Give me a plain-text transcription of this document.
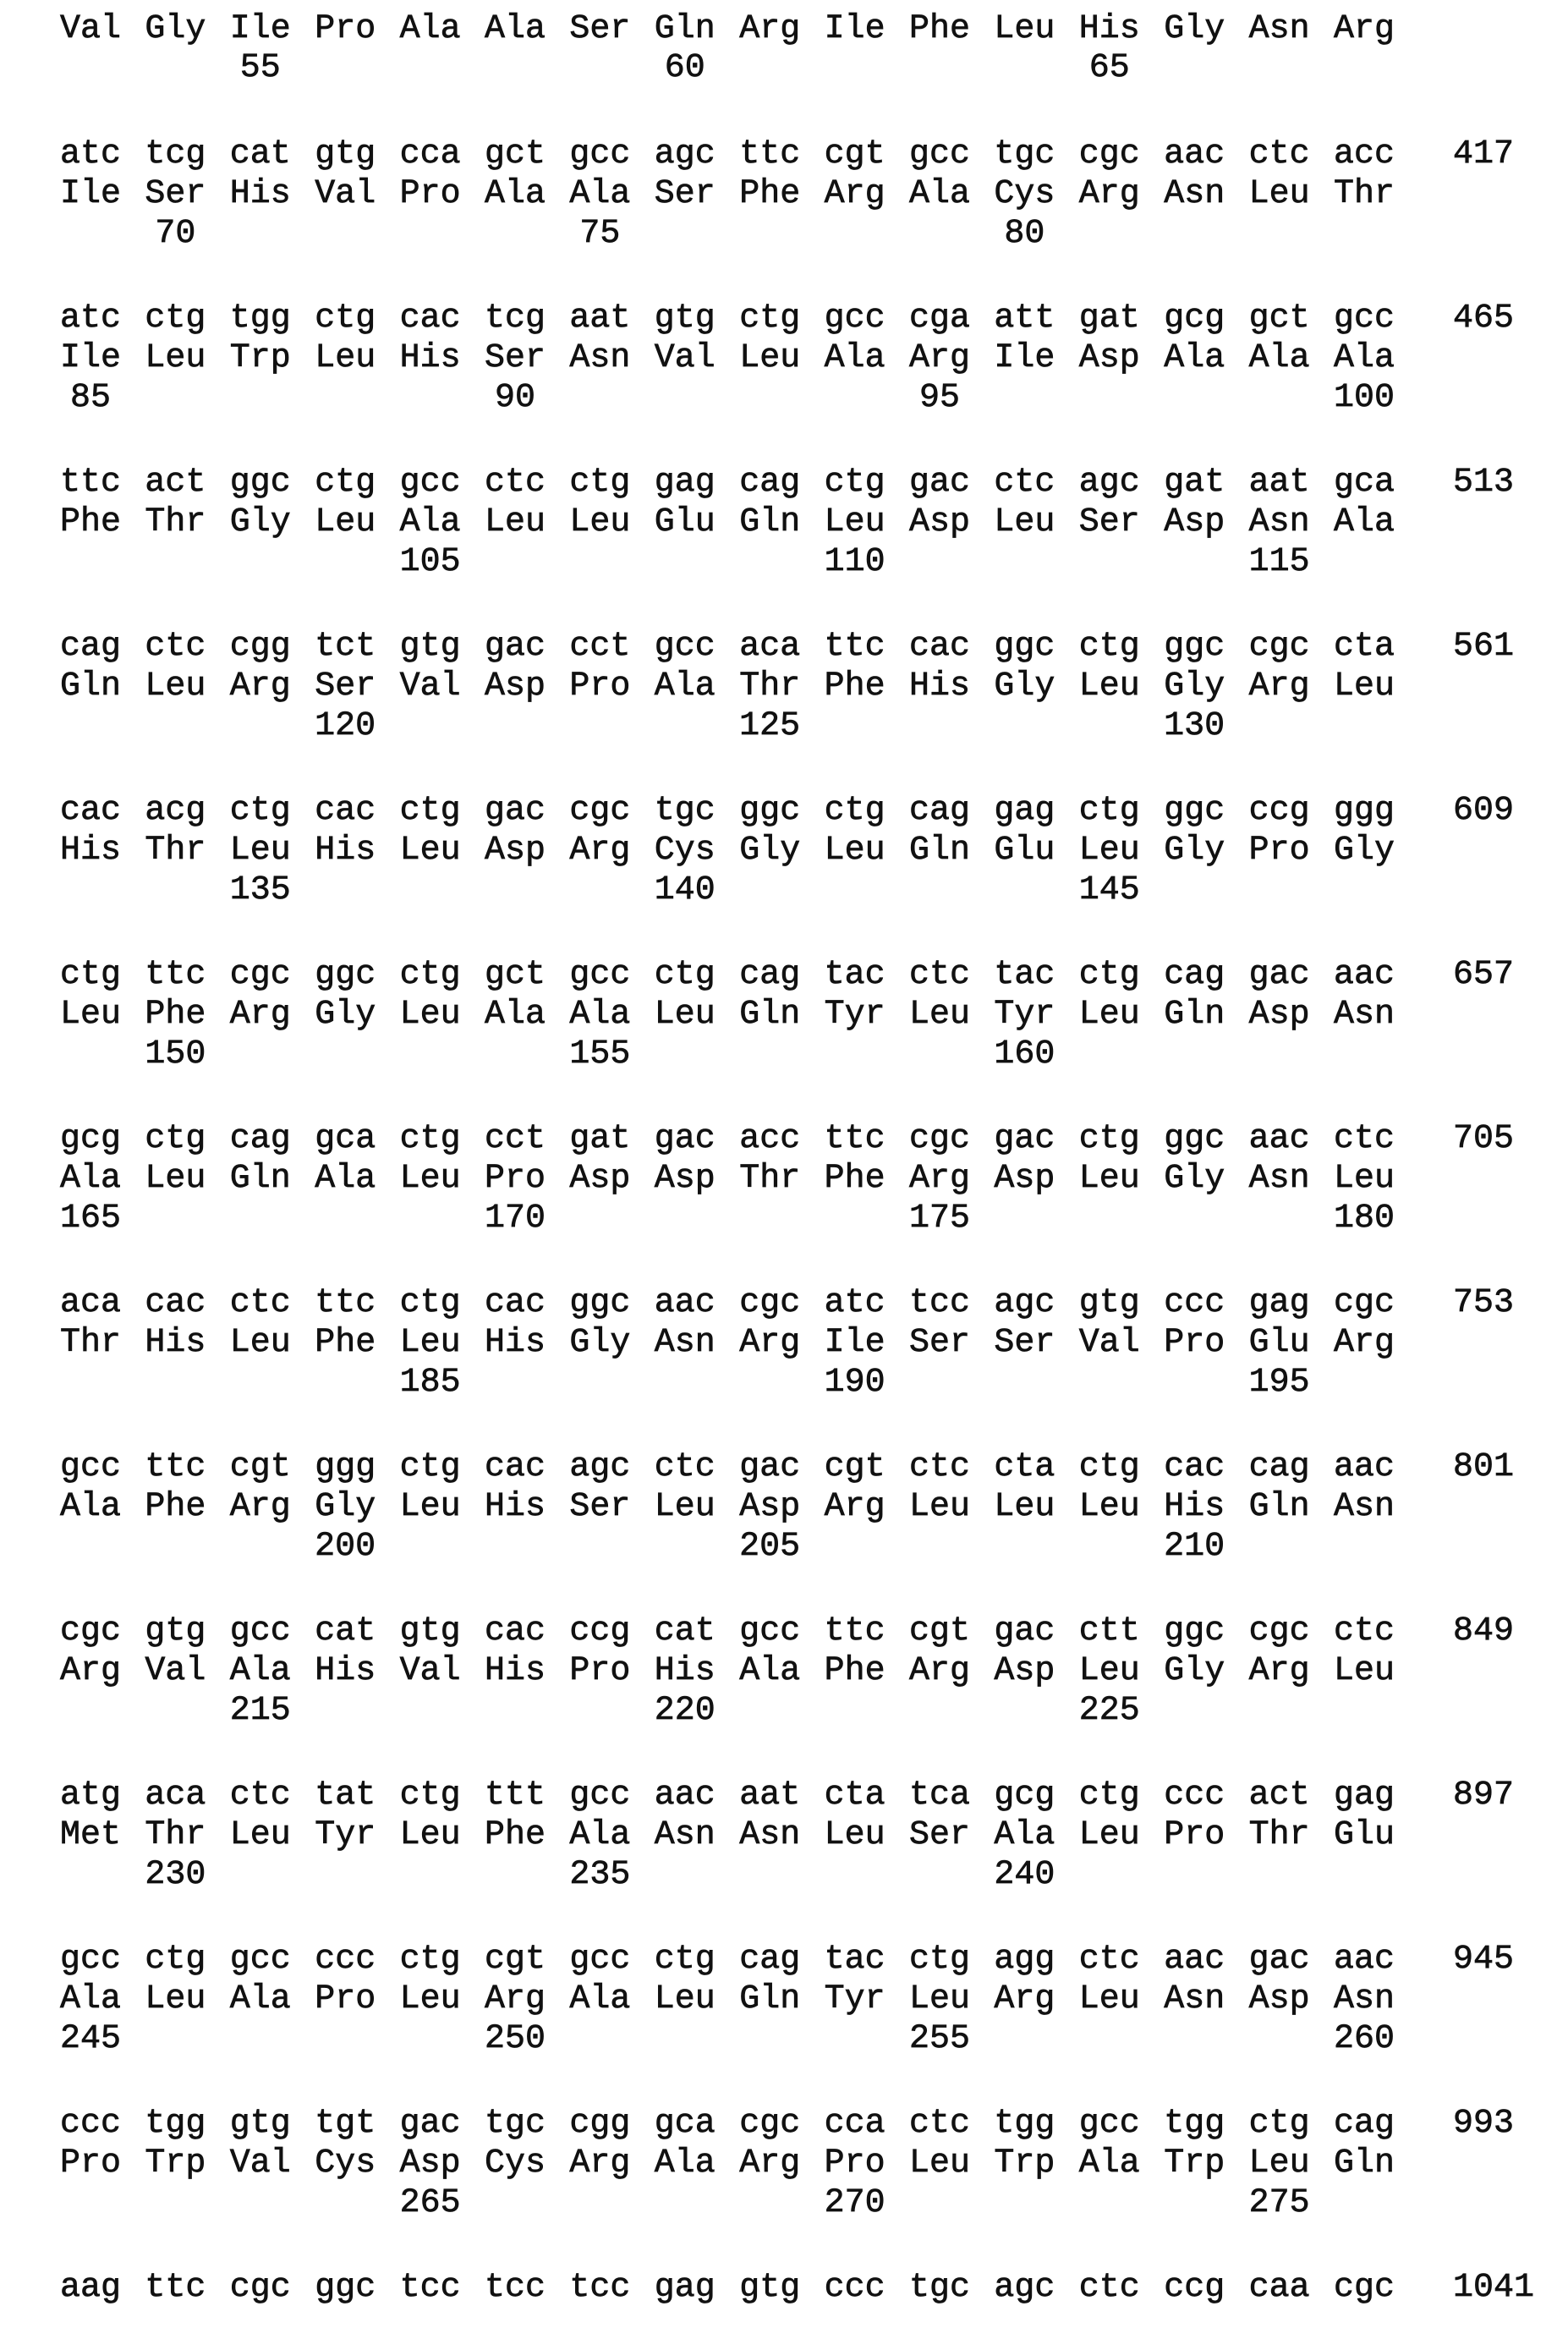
Val Gly Ile Pro Ala Ala Ser Gln Arg Ile Phe Leu His Gly Asn Arg
55	60	65
atc tcg cat gtg cca gct gcc agc ttc cgt gcc tgc cgc aac ctc acc 417
Ile Ser His Val Pro Ala Ala Ser Phe Arg Ala Cys Arg Asn Leu Thr
70	75	80
atc ctg tgg ctg cac tcg aat gtg ctg gcc cga att gat gcg gct gcc 465
Ile Leu Trp Leu His Ser Asn Val Leu Ala Arg Ile Asp Ala Ala Ala
85	90	95	100
ttc act ggc ctg gcc ctc ctg gag cag ctg gac ctc agc gat aat gca 513
Phe Thr Gly Leu Ala Leu Leu Glu Gln Leu Asp Leu Ser Asp Asn Ala
105	110	115
cag ctc cgg tct gtg gac cct gcc aca ttc cac ggc ctg ggc cgc cta 561
Gln Leu Arg Ser Val Asp Pro Ala Thr Phe His Gly Leu Gly Arg Leu
120	125	130
cac acg ctg cac ctg gac cgc tgc ggc ctg cag gag ctg ggc ccg ggg 609
His Thr Leu His Leu Asp Arg Cys Gly Leu Gln Glu Leu Gly Pro Gly
135	140	145
ctg ttc cgc ggc ctg gct gcc ctg cag tac ctc tac ctg cag gac aac 657
Leu Phe Arg Gly Leu Ala Ala Leu Gln Tyr Leu Tyr Leu Gln Asp Asn
150	155	160
gcg ctg cag gca ctg cct gat gac acc ttc cgc gac ctg ggc aac ctc 705
Ala Leu Gln Ala Leu Pro Asp Asp Thr Phe Arg Asp Leu Gly Asn Leu
165	170	175	180
aca cac ctc ttc ctg cac ggc aac cgc atc tcc agc gtg ccc gag cgc 753
Thr His Leu Phe Leu His Gly Asn Arg Ile Ser Ser Val Pro Glu Arg
185	190	195
gcc ttc cgt ggg ctg cac agc ctc gac cgt ctc cta ctg cac cag aac 801
Ala Phe Arg Gly Leu His Ser Leu Asp Arg Leu Leu Leu His Gln Asn
200	205	210
cgc gtg gcc cat gtg cac ccg cat gcc ttc cgt gac ctt ggc cgc ctc 849
Arg Val Ala His Val His Pro His Ala Phe Arg Asp Leu Gly Arg Leu
215	220	225
atg aca ctc tat ctg ttt gcc aac aat cta tca gcg ctg ccc act gag 897
Met Thr Leu Tyr Leu Phe Ala Asn Asn Leu Ser Ala Leu Pro Thr Glu
230	235	240
gcc ctg gcc ccc ctg cgt gcc ctg cag tac ctg agg ctc aac gac aac 945
Ala Leu Ala Pro Leu Arg Ala Leu Gln Tyr Leu Arg Leu Asn Asp Asn
245	250	255	260
ccc tgg gtg tgt gac tgc cgg gca cgc cca ctc tgg gcc tgg ctg cag 993
Pro Trp Val Cys Asp Cys Arg Ala Arg Pro Leu Trp Ala Trp Leu Gln
265	270	275
aag ttc cgc ggc tcc tcc tcc gag gtg ccc tgc agc ctc ccg caa cgc 1041
